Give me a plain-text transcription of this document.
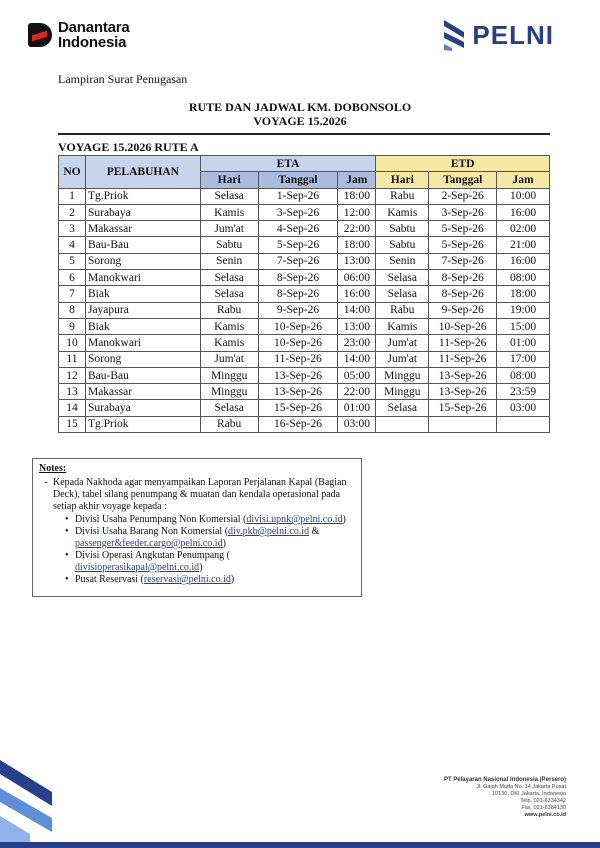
Danantara
Indonesia	PELNI
Lampiran Surat Penugasan
RUTE DAN JADWAL KM. DOBONSOLO
VOYAGE 15.2026
VOYAGE 15.2026 RUTE A
NO	PELABUHAN	ETA			ETD		
		Hari	Tanggal	Jam	Hari	Tanggal	Jam
1	Tg.Priok	Selasa	1-Sep-26	18:00	Rabu	2-Sep-26	10:00
2	Surabaya	Kamis	3-Sep-26	12:00	Kamis	3-Sep-26	16:00
3	Makassar	Jum'at	4-Sep-26	22:00	Sabtu	5-Sep-26	02:00
4	Bau-Bau	Sabtu	5-Sep-26	18:00	Sabtu	5-Sep-26	21:00
5	Sorong	Senin	7-Sep-26	13:00	Senin	7-Sep-26	16:00
6	Manokwari	Selasa	8-Sep-26	06:00	Selasa	8-Sep-26	08:00
7	Biak	Selasa	8-Sep-26	16:00	Selasa	8-Sep-26	18:00
8	Jayapura	Rabu	9-Sep-26	14:00	Rabu	9-Sep-26	19:00
9	Biak	Kamis	10-Sep-26	13:00	Kamis	10-Sep-26	15:00
10	Manokwari	Kamis	10-Sep-26	23:00	Jum'at	11-Sep-26	01:00
11	Sorong	Jum'at	11-Sep-26	14:00	Jum'at	11-Sep-26	17:00
12	Bau-Bau	Minggu	13-Sep-26	05:00	Minggu	13-Sep-26	08:00
13	Makassar	Minggu	13-Sep-26	22:00	Minggu	13-Sep-26	23:59
14	Surabaya	Selasa	15-Sep-26	01:00	Selasa	15-Sep-26	03:00
15	Tg.Priok	Rabu	16-Sep-26	03:00			
Notes:
- Kepada Nakhoda agar menyampaikan Laporan Perjalanan Kapal (Bagian Deck), tabel silang penumpang & muatan dan kendala operasional pada setiap akhir voyage kepada :
• Divisi Usaha Penumpang Non Komersial (divisi.upnk@pelni.co.id)
• Divisi Usaha Barang Non Komersial (div.pkb@pelni.co.id &
passenger&feeder.cargo@pelni.co.id)
• Divisi Operasi Angkutan Penumpang (
divisioperasikapal@pelni.co.id)
• Pusat Reservasi (reservasi@pelni.co.id)
PT Pelayaran Nasional Indonesia (Persero)
Jl. Gajah Mada No. 14 Jakarta Pusat
10130, DKI Jakarta, Indonesia
Telp. 021-6334342
Fax. 021-6384130
www.pelni.co.id
